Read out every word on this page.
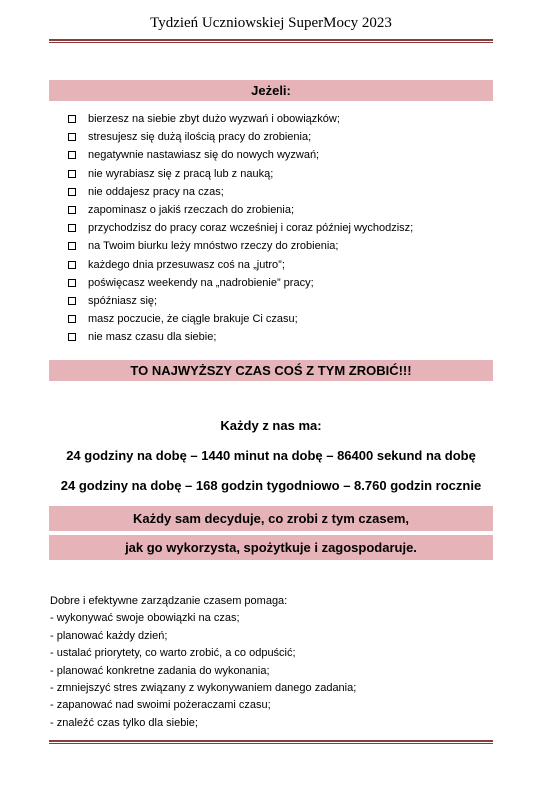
Tydzień Uczniowskiej SuperMocy 2023
Jeżeli:
bierzesz na siebie zbyt dużo wyzwań i obowiązków;
stresujesz się dużą ilością pracy do zrobienia;
negatywnie nastawiasz się do nowych wyzwań;
nie wyrabiasz się z pracą lub z nauką;
nie oddajesz pracy na czas;
zapominasz o jakiś rzeczach do zrobienia;
przychodzisz do pracy coraz wcześniej i coraz później wychodzisz;
na Twoim biurku leży mnóstwo rzeczy do zrobienia;
każdego dnia przesuwasz coś na „jutro”;
poświęcasz weekendy na „nadrobienie” pracy;
spóźniasz się;
masz poczucie, że ciągle brakuje Ci czasu;
nie masz czasu dla siebie;
TO NAJWYŻSZY CZAS COŚ Z TYM ZROBIĆ!!!
Każdy z nas ma:
24 godziny na dobę – 1440 minut na dobę – 86400 sekund na dobę
24 godziny na dobę – 168 godzin tygodniowo – 8.760 godzin rocznie
Każdy sam decyduje, co zrobi z tym czasem,
jak go wykorzysta, spożytkuje i zagospodaruje.
Dobre i efektywne zarządzanie czasem pomaga:
- wykonywać swoje obowiązki na czas;
- planować każdy dzień;
- ustalać priorytety, co warto zrobić, a co odpuścić;
- planować konkretne zadania do wykonania;
- zmniejszyć stres związany z wykonywaniem danego zadania;
- zapanować nad swoimi pożeraczami czasu;
- znaleźć czas tylko dla siebie;
